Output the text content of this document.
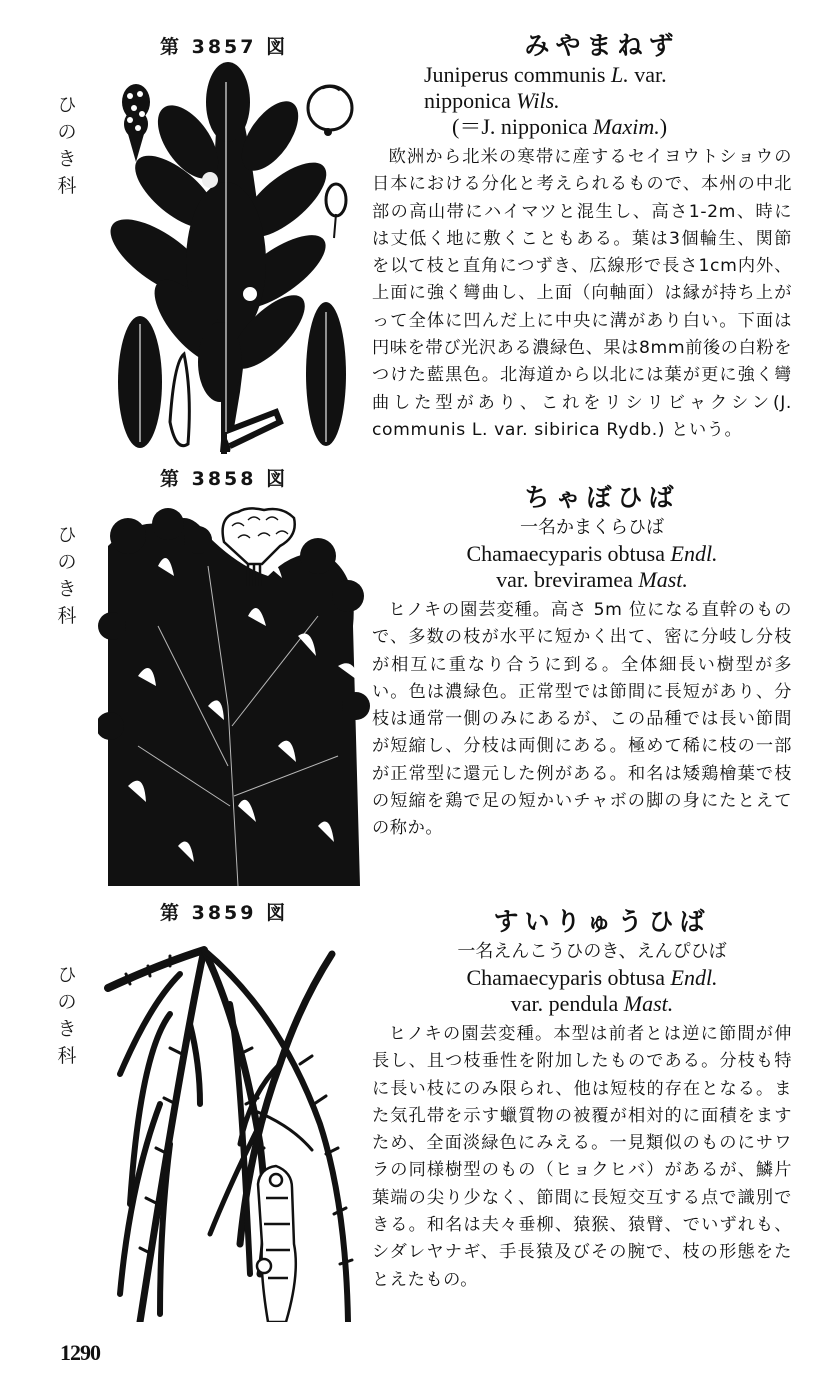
第 3857 図
ひ
の
き
科
みやまねず
Juniperus communis L. var.
nipponica Wils.
(＝J. nipponica Maxim.)
欧洲から北米の寒帯に産するセイヨウトショウの日本における分化と考えられるもので、本州の中北部の高山帯にハイマツと混生し、高さ1-2m、時には丈低く地に敷くこともある。葉は3個輪生、関節を以て枝と直角につずき、広線形で長さ1cm内外、上面に強く彎曲し、上面（向軸面）は縁が持ち上がって全体に凹んだ上に中央に溝があり白い。下面は円味を帯び光沢ある濃緑色、果は8mm前後の白粉をつけた藍黒色。北海道から以北には葉が更に強く彎曲した型があり、これをリシリビャクシン(J. communis L. var. sibirica Rydb.) という。
第 3858 図
ひ
の
き
科
ちゃぼひば
一名かまくらひば
Chamaecyparis obtusa Endl.
var. breviramea Mast.
ヒノキの園芸変種。高さ 5m 位になる直幹のもので、多数の枝が水平に短かく出て、密に分岐し分枝が相互に重なり合うに到る。全体細長い樹型が多い。色は濃緑色。正常型では節間に長短があり、分枝は通常一側のみにあるが、この品種では長い節間が短縮し、分枝は両側にある。極めて稀に枝の一部が正常型に還元した例がある。和名は矮鶏檜葉で枝の短縮を鶏で足の短かいチャボの脚の身にたとえての称か。
第 3859 図
ひ
の
き
科
すいりゅうひば
一名えんこうひのき、えんぴひば
Chamaecyparis obtusa Endl.
var. pendula Mast.
ヒノキの園芸変種。本型は前者とは逆に節間が伸長し、且つ枝垂性を附加したものである。分枝も特に長い枝にのみ限られ、他は短枝的存在となる。また気孔帯を示す蠟質物の被覆が相対的に面積をますため、全面淡緑色にみえる。一見類似のものにサワラの同様樹型のもの（ヒョクヒバ）があるが、鱗片葉端の尖り少なく、節間に長短交互する点で識別できる。和名は夫々垂柳、猿猴、猿臂、でいずれも、シダレヤナギ、手長猿及びその腕で、枝の形態をたとえたもの。
1290
